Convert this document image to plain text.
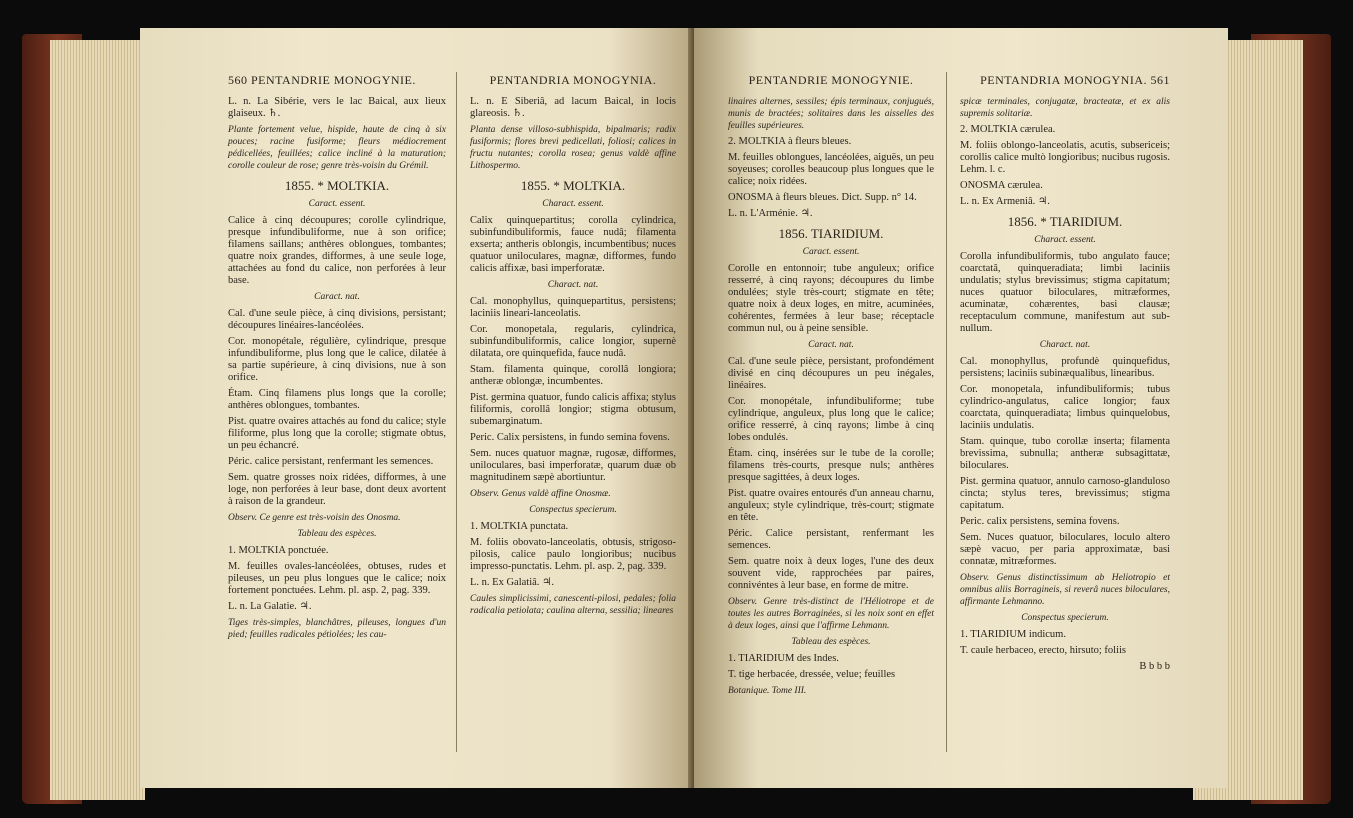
560 PENTANDRIE MONOGYNIE.

L. n. La Sibérie, vers le lac Baical, aux lieux glaiseux. ♄.

Plante fortement velue, hispide, haute de cinq à six pouces; racine fusiforme; fleurs médiocrement pédicellées, feuillées; calice incliné à la maturation; corolle couleur de rose; genre très-voisin du Grémil.

1855. * MOLTKIA.
Caract. essent.

Calice à cinq découpures; corolle cylindrique, presque infundibuliforme, nue à son orifice; filamens saillans; anthères oblongues, tombantes; quatre noix grandes, difformes, à une seule loge, attachées au fond du calice, non perforées à leur base.

Caract. nat.

Cal. d'une seule pièce, à cinq divisions, persistant; découpures linéaires-lancéolées.

Cor. monopétale, régulière, cylindrique, presque infundibuliforme, plus long que le calice, dilatée à sa partie supérieure, à cinq divisions, nue à son orifice.

Étam. Cinq filamens plus longs que la corolle; anthères oblongues, tombantes.

Pist. quatre ovaires attachés au fond du calice; style filiforme, plus long que la corolle; stigmate obtus, un peu échancré.

Péric. calice persistant, renfermant les semences.

Sem. quatre grosses noix ridées, difformes, à une loge, non perforées à leur base, dont deux avortent à raison de la grandeur.

Observ. Ce genre est très-voisin des Onosma.

Tableau des espèces.

1. MOLTKIA ponctuée.

M. feuilles ovales-lancéolées, obtuses, rudes et pileuses, un peu plus longues que le calice; noix fortement ponctuées. Lehm. pl. asp. 2, pag. 339.

L. n. La Galatie. ♃.

Tiges très-simples, blanchâtres, pileuses, longues d'un pied; feuilles radicales pétiolées; les cau-

PENTANDRIA MONOGYNIA.

L. n. E Siberiâ, ad lacum Baical, in locis glareosis. ♄.

Planta dense villoso-subhispida, bipalmaris; radix fusiformis; flores brevi pedicellati, foliosi; calices in fructu nutantes; corolla rosea; genus valdè affine Lithospermo.

1855. * MOLTKIA.
Charact. essent.

Calix quinquepartitus; corolla cylindrica, subinfundibuliformis, fauce nudâ; filamenta exserta; antheris oblongis, incumbentibus; nuces quatuor uniloculares, magnæ, difformes, fundo calicis affixæ, basi imperforatæ.

Charact. nat.

Cal. monophyllus, quinquepartitus, persistens; laciniis lineari-lanceolatis.

Cor. monopetala, regularis, cylindrica, subinfundibuliformis, calice longior, supernè dilatata, ore quinquefida, fauce nudâ.

Stam. filamenta quinque, corollâ longiora; antheræ oblongæ, incumbentes.

Pist. germina quatuor, fundo calicis affixa; stylus filiformis, corollâ longior; stigma obtusum, subemarginatum.

Peric. Calix persistens, in fundo semina fovens.

Sem. nuces quatuor magnæ, rugosæ, difformes, uniloculares, basi imperforatæ, quarum duæ ob magnitudinem sæpè abortiuntur.

Observ. Genus valdè affine Onosmæ.

Conspectus specierum.

1. MOLTKIA punctata.

M. foliis obovato-lanceolatis, obtusis, strigoso-pilosis, calice paulo longioribus; nucibus impresso-punctatis. Lehm. pl. asp. 2, pag. 339.

L. n. Ex Galatiâ. ♃.

Caules simplicissimi, canescenti-pilosi, pedales; folia radicalia petiolata; caulina alterna, sessilia; lineares

PENTANDRIE MONOGYNIE.

linaires alternes, sessiles; épis terminaux, conjugués, munis de bractées; solitaires dans les aisselles des feuilles supérieures.

2. MOLTKIA à fleurs bleues.

M. feuilles oblongues, lancéolées, aiguës, un peu soyeuses; corolles beaucoup plus longues que le calice; noix ridées.

ONOSMA à fleurs bleues. Dict. Supp. n° 14.

L. n. L'Arménie. ♃.

1856. TIARIDIUM.
Caract. essent.

Corolle en entonnoir; tube anguleux; orifice resserré, à cinq rayons; découpures du limbe ondulées; style très-court; stigmate en tête; quatre noix à deux loges, en mitre, acuminées, cohérentes, fermées à leur base; réceptacle commun nul, ou à peine sensible.

Caract. nat.

Cal. d'une seule pièce, persistant, profondément divisé en cinq découpures un peu inégales, linéaires.

Cor. monopétale, infundibuliforme; tube cylindrique, anguleux, plus long que le calice; orifice resserré, à cinq rayons; limbe à cinq lobes ondulés.

Étam. cinq, insérées sur le tube de la corolle; filamens très-courts, presque nuls; anthères presque sagittées, à deux loges.

Pist. quatre ovaires entourés d'un anneau charnu, anguleux; style cylindrique, très-court; stigmate en tête.

Péric. Calice persistant, renfermant les semences.

Sem. quatre noix à deux loges, l'une des deux souvent vide, rapprochées par paires, connivéntes à leur base, en forme de mitre.

Observ. Genre très-distinct de l'Héliotrope et de toutes les autres Borraginées, si les noix sont en effet à deux loges, ainsi que l'affirme Lehmann.

Tableau des espèces.

1. TIARIDIUM des Indes.

T. tige herbacée, dressée, velue; feuilles

Botanique. Tome III.

PENTANDRIA MONOGYNIA. 561

spicæ terminales, conjugatæ, bracteatæ, et ex alis supremis solitariæ.

2. MOLTKIA cærulea.

M. foliis oblongo-lanceolatis, acutis, subsericeis; corollis calice multò longioribus; nucibus rugosis. Lehm. l. c.

ONOSMA cærulea.

L. n. Ex Armeniâ. ♃.

1856. * TIARIDIUM.
Charact. essent.

Corolla infundibuliformis, tubo angulato fauce; coarctatâ, quinqueradiata; limbi laciniis undulatis; stylus brevissimus; stigma capitatum; nuces quatuor biloculares, mitræformes, acuminatæ, cohærentes, basi clausæ; receptaculum commune, manifestum aut sub-nullum.

Charact. nat.

Cal. monophyllus, profundè quinquefidus, persistens; laciniis subinæqualibus, linearibus.

Cor. monopetala, infundibuliformis; tubus cylindrico-angulatus, calice longior; faux coarctata, quinqueradiata; limbus quinquelobus, laciniis undulatis.

Stam. quinque, tubo corollæ inserta; filamenta brevissima, subnulla; antheræ subsagittatæ, biloculares.

Pist. germina quatuor, annulo carnoso-glanduloso cincta; stylus teres, brevissimus; stigma capitatum.

Peric. calix persistens, semina fovens.

Sem. Nuces quatuor, biloculares, loculo altero sæpè vacuo, per paria approximatæ, basi connatæ, mitræformes.

Observ. Genus distinctissimum ab Heliotropio et omnibus aliis Borragineis, si reverâ nuces biloculares, affirmante Lehmanno.

Conspectus specierum.

1. TIARIDIUM indicum.

T. caule herbaceo, erecto, hirsuto; foliis

B b b b
